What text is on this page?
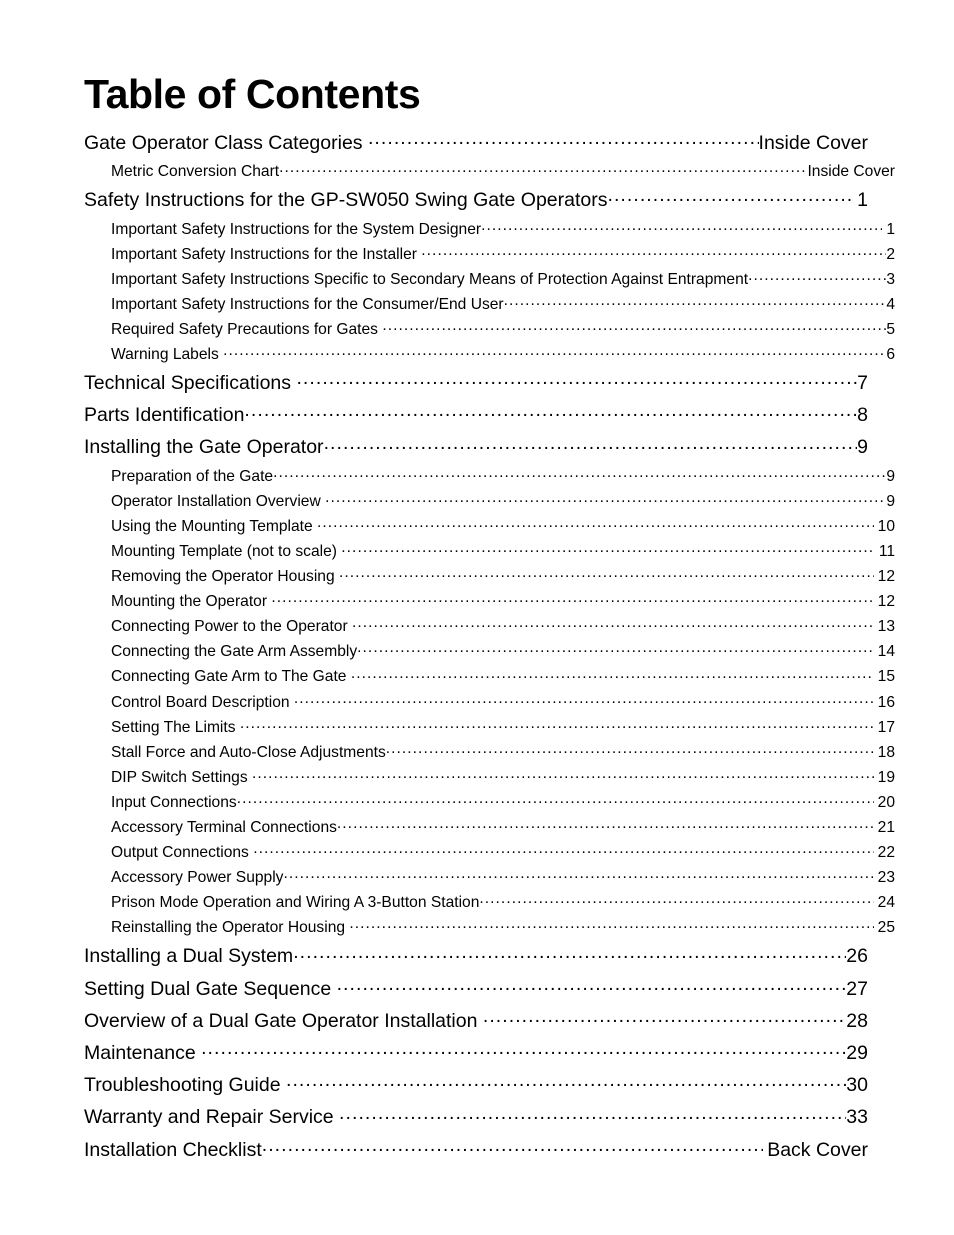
Table of Contents
Gate Operator Class Categories .....	Inside Cover
Metric Conversion Chart .....	Inside Cover
Safety Instructions for the GP-SW050 Swing Gate Operators .....	1
Important Safety Instructions for the System Designer .....	1
Important Safety Instructions for the Installer .....	2
Important Safety Instructions Specific to Secondary Means of Protection Against Entrapment .....	3
Important Safety Instructions for the Consumer/End User .....	4
Required Safety Precautions for Gates .....	5
Warning Labels .....	6
Technical Specifications .....	7
Parts Identification .....	8
Installing the Gate Operator .....	9
Preparation of the Gate .....	9
Operator Installation Overview .....	9
Using the Mounting Template .....	10
Mounting Template (not to scale) .....	11
Removing the Operator Housing .....	12
Mounting the Operator .....	12
Connecting Power to the Operator .....	13
Connecting the Gate Arm Assembly .....	14
Connecting Gate Arm to The Gate .....	15
Control Board Description .....	16
Setting The Limits .....	17
Stall Force and Auto-Close Adjustments .....	18
DIP Switch Settings .....	19
Input Connections .....	20
Accessory Terminal Connections .....	21
Output Connections .....	22
Accessory Power Supply .....	23
Prison Mode Operation and Wiring A 3-Button Station .....	24
Reinstalling the Operator Housing .....	25
Installing a Dual System .....	26
Setting Dual Gate Sequence .....	27
Overview of a Dual Gate Operator Installation .....	28
Maintenance .....	29
Troubleshooting Guide .....	30
Warranty and Repair Service .....	33
Installation Checklist .....	Back Cover
